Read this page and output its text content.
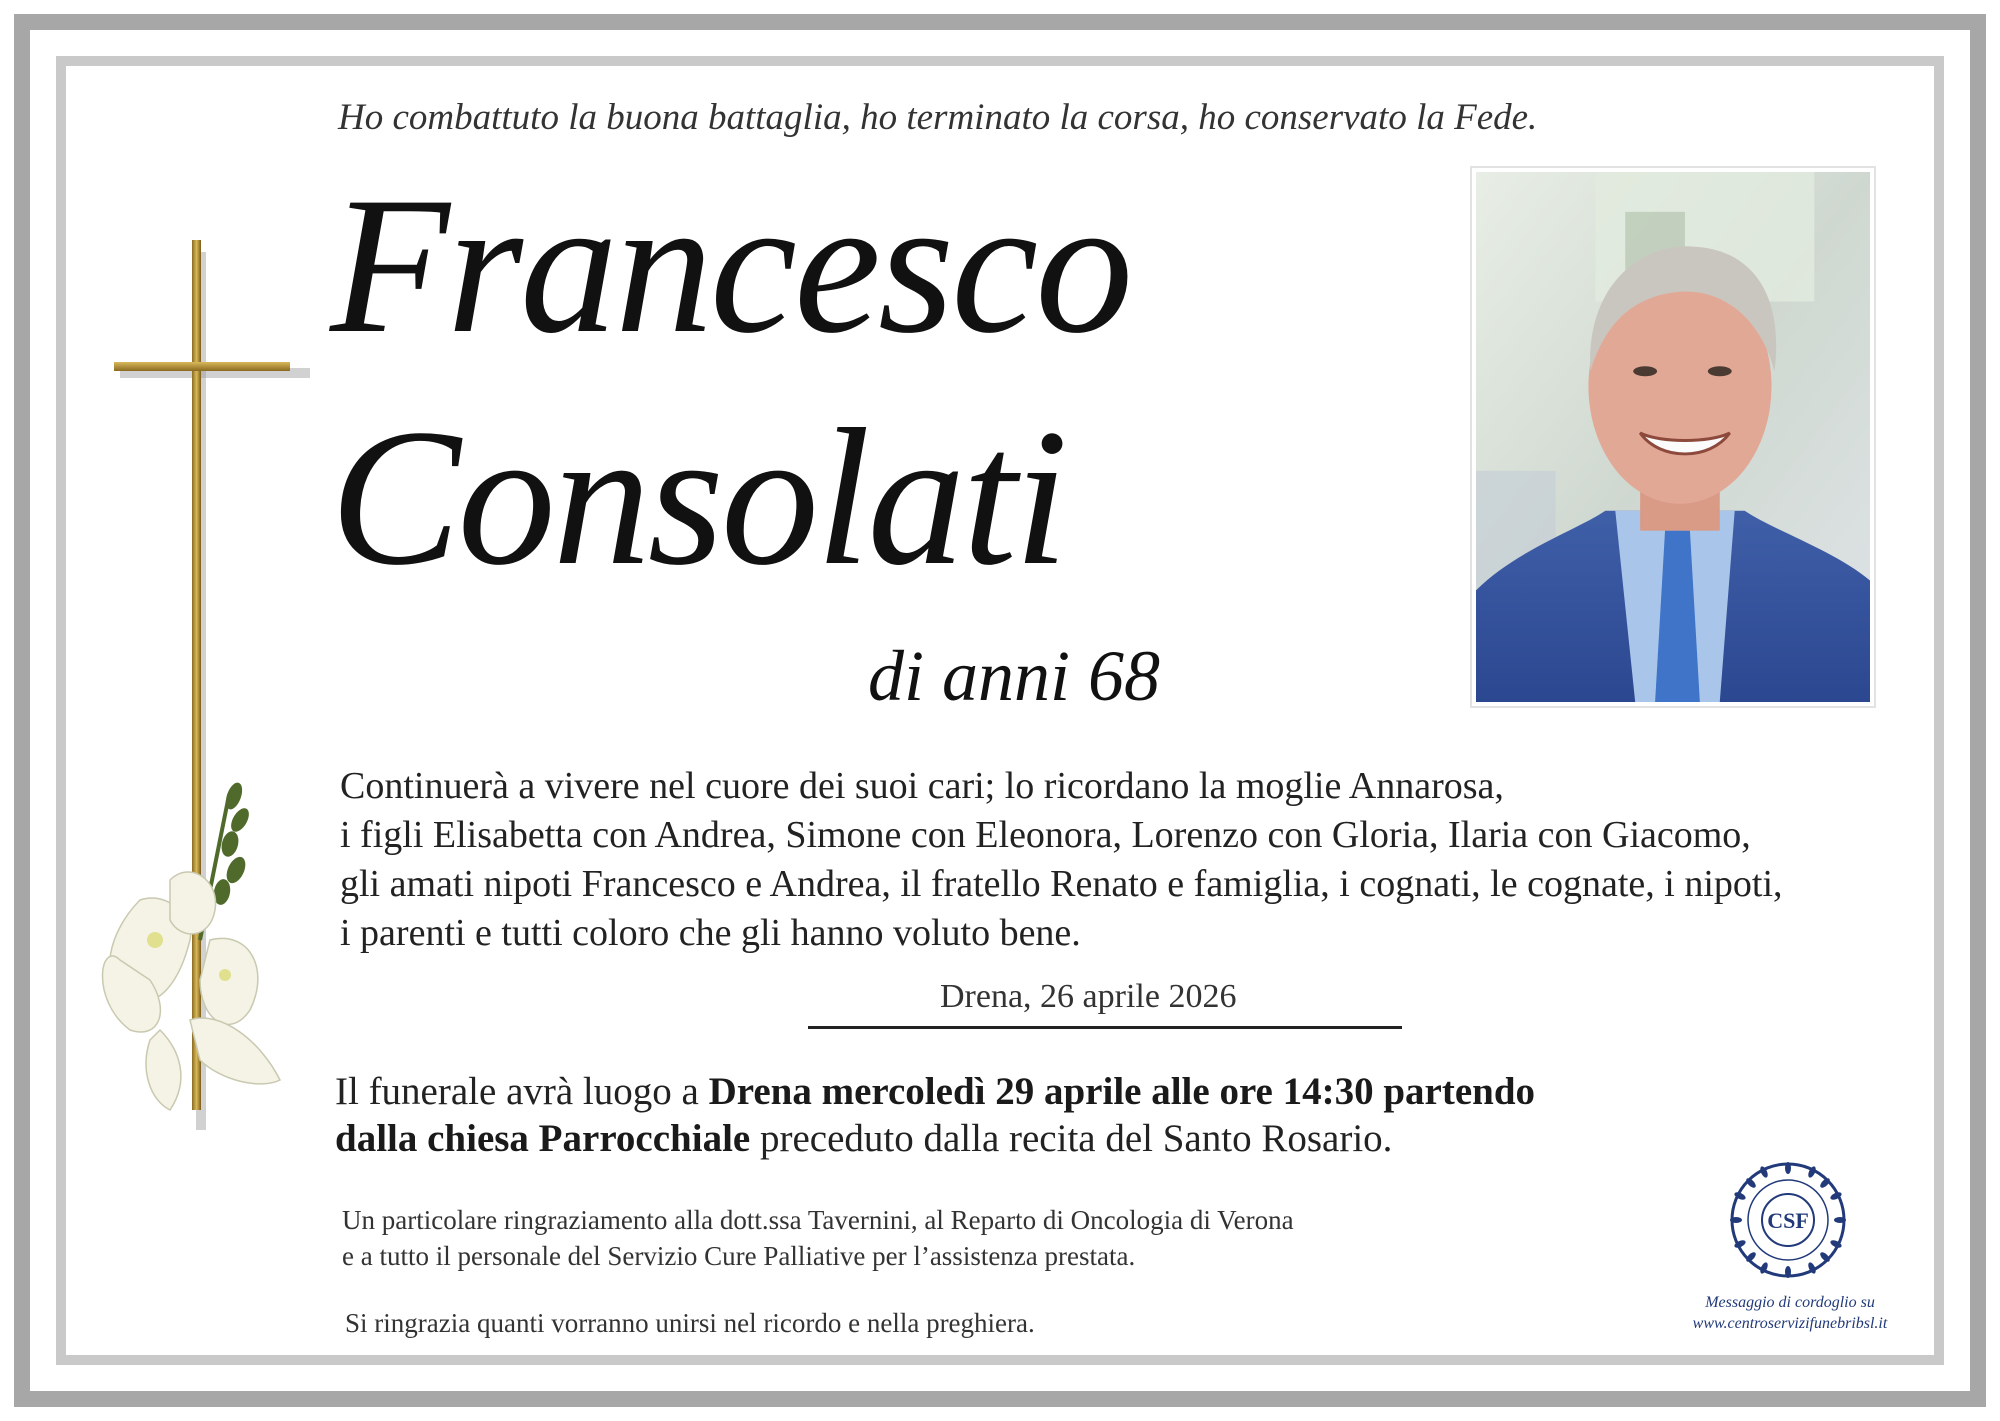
Ho combattuto la buona battaglia, ho terminato la corsa, ho conservato la Fede.
Francesco
Consolati
di anni 68
Continuerà a vivere nel cuore dei suoi cari; lo ricordano la moglie Annarosa,
i figli Elisabetta con Andrea, Simone con Eleonora, Lorenzo con Gloria, Ilaria con Giacomo,
gli amati nipoti Francesco e Andrea, il fratello Renato e famiglia, i cognati, le cognate, i nipoti,
i parenti e tutti coloro che gli hanno voluto bene.
Drena, 26 aprile 2026
Il funerale avrà luogo a Drena mercoledì 29 aprile alle ore 14:30 partendo
dalla chiesa Parrocchiale preceduto dalla recita del Santo Rosario.
Un particolare ringraziamento alla dott.ssa Tavernini, al Reparto di Oncologia di Verona
e a tutto il personale del Servizio Cure Palliative per l’assistenza prestata.
Si ringrazia quanti vorranno unirsi nel ricordo e nella preghiera.
CSF
Messaggio di cordoglio su
www.centroservizifunebribsl.it
